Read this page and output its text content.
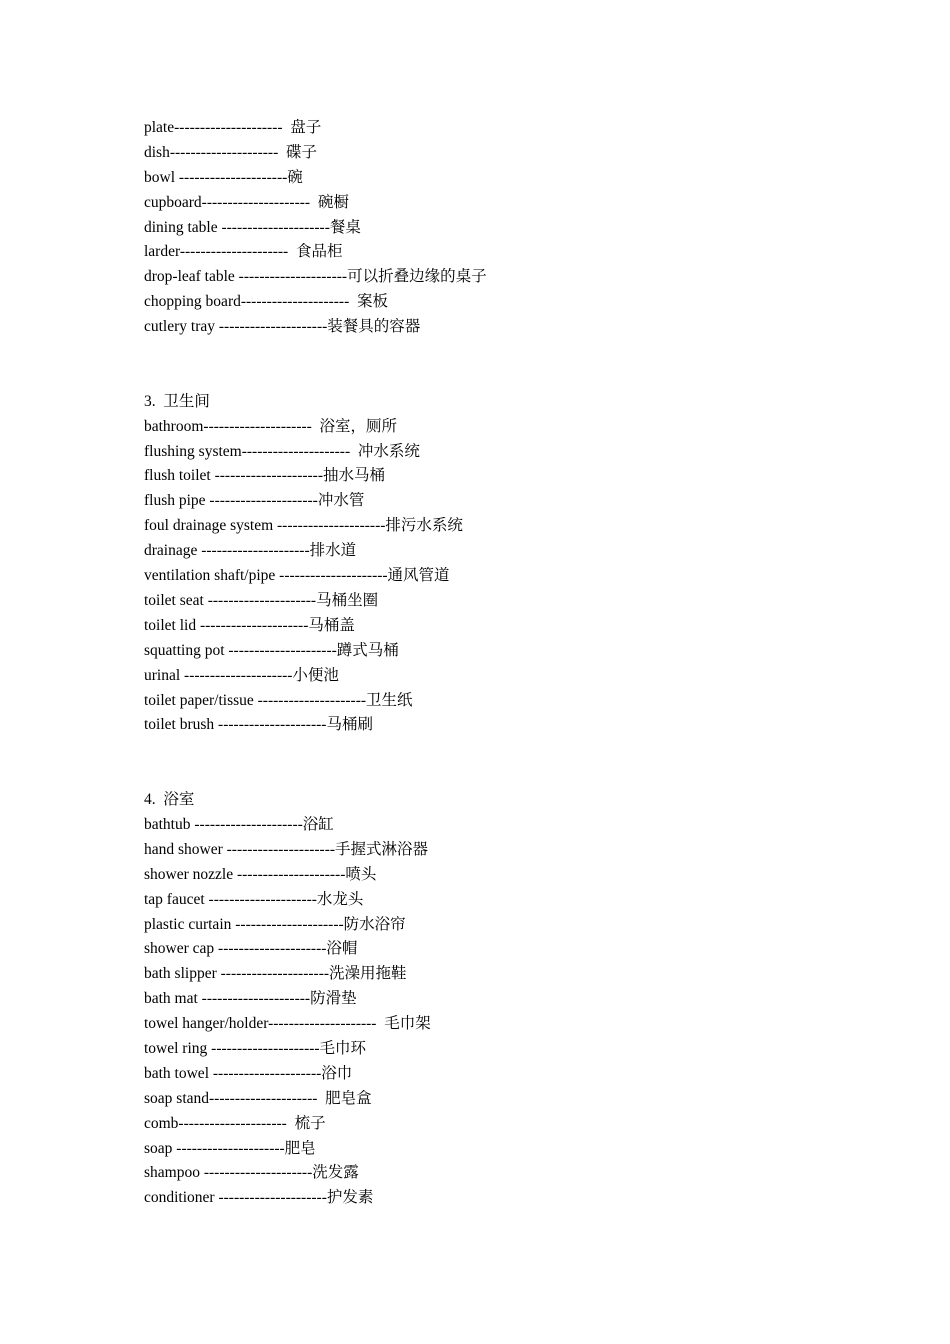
plate---------------------  盘子
dish---------------------  碟子
bowl ---------------------碗
cupboard---------------------  碗橱
dining table ---------------------餐桌
larder---------------------  食品柜
drop-leaf table ---------------------可以折叠边缘的桌子
chopping board---------------------  案板
cutlery tray ---------------------装餐具的容器
3.  卫生间
bathroom---------------------  浴室，厕所
flushing system---------------------  冲水系统
flush toilet ---------------------抽水马桶
flush pipe ---------------------冲水管
foul drainage system ---------------------排污水系统
drainage ---------------------排水道
ventilation shaft/pipe ---------------------通风管道
toilet seat ---------------------马桶坐圈
toilet lid ---------------------马桶盖
squatting pot ---------------------蹲式马桶
urinal ---------------------小便池
toilet paper/tissue ---------------------卫生纸
toilet brush ---------------------马桶刷
4.  浴室
bathtub ---------------------浴缸
hand shower ---------------------手握式淋浴器
shower nozzle ---------------------喷头
tap faucet ---------------------水龙头
plastic curtain ---------------------防水浴帘
shower cap ---------------------浴帽
bath slipper ---------------------洗澡用拖鞋
bath mat ---------------------防滑垫
towel hanger/holder---------------------  毛巾架
towel ring ---------------------毛巾环
bath towel ---------------------浴巾
soap stand---------------------  肥皂盒
comb---------------------  梳子
soap ---------------------肥皂
shampoo ---------------------洗发露
conditioner ---------------------护发素
